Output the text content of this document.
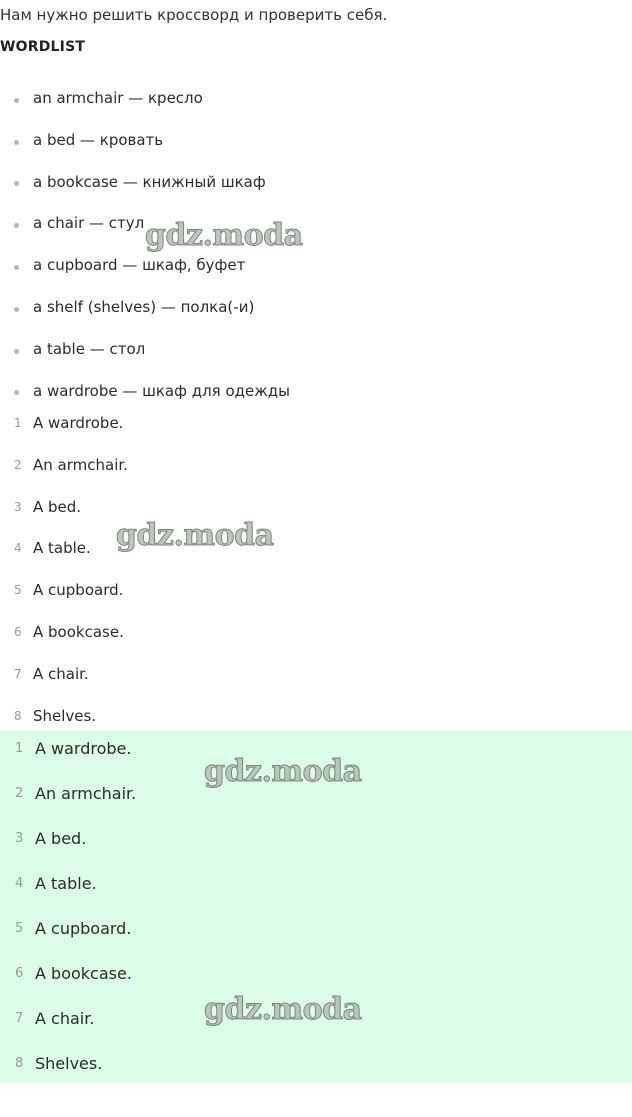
Нам нужно решить кроссворд и проверить себя.
WORDLIST
an armchair — кресло
a bed — кровать
a bookcase — книжный шкаф
a chair — стул
a cupboard — шкаф, буфет
a shelf (shelves) — полка(-и)
a table — стол
a wardrobe — шкаф для одежды
1 A wardrobe.
2 An armchair.
3 A bed.
4 A table.
5 A cupboard.
6 A bookcase.
7 A chair.
8 Shelves.
1 A wardrobe.
2 An armchair.
3 A bed.
4 A table.
5 A cupboard.
6 A bookcase.
7 A chair.
8 Shelves.
gdz.moda
gdz.moda
gdz.moda
gdz.moda
